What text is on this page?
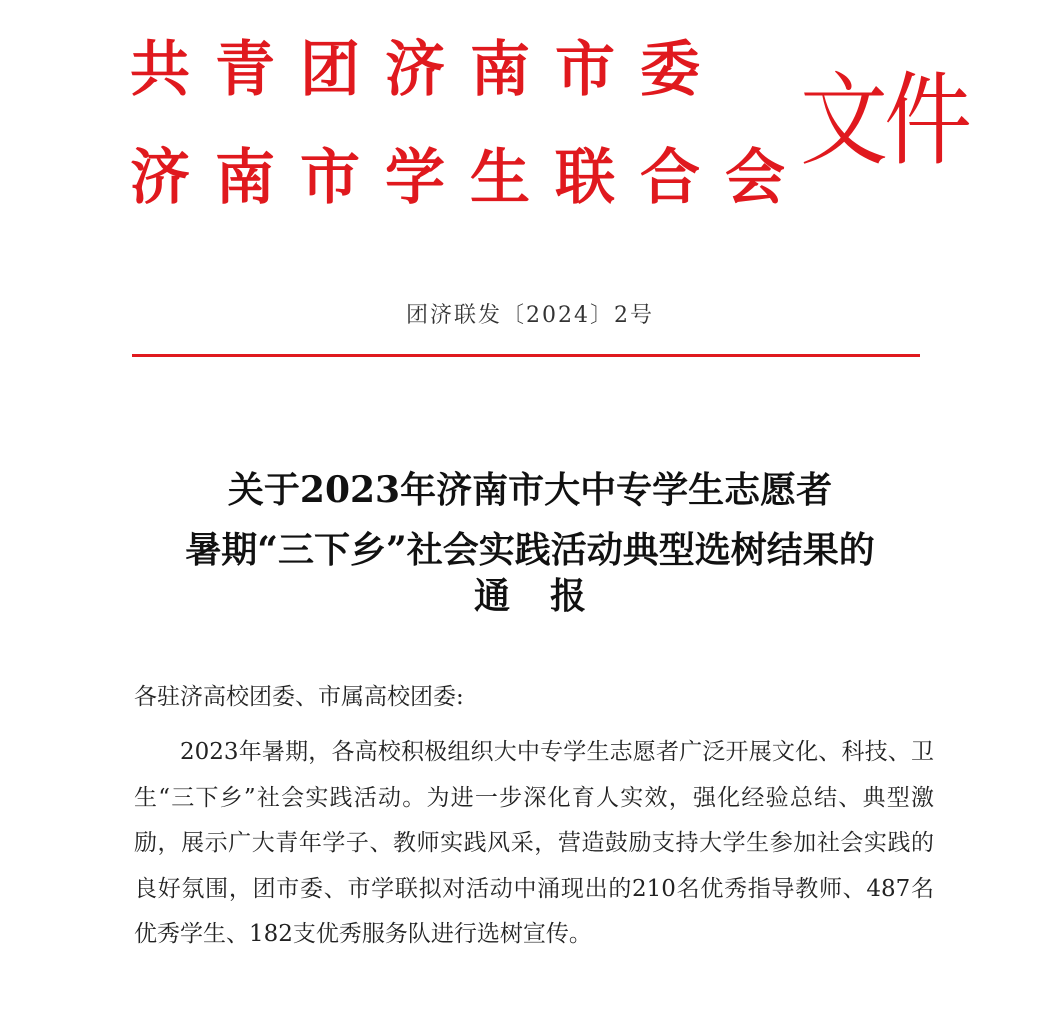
共青团济南市委
济南市学生联合会
文件
团济联发〔2024〕2号
关于2023年济南市大中专学生志愿者
暑期“三下乡”社会实践活动典型选树结果的
通报
各驻济高校团委、市属高校团委:

2023年暑期，各高校积极组织大中专学生志愿者广泛开展文化、科技、卫生“三下乡”社会实践活动。为进一步深化育人实效，强化经验总结、典型激励，展示广大青年学子、教师实践风采，营造鼓励支持大学生参加社会实践的良好氛围，团市委、市学联拟对活动中涌现出的210名优秀指导教师、487名优秀学生、182支优秀服务队进行选树宣传。
